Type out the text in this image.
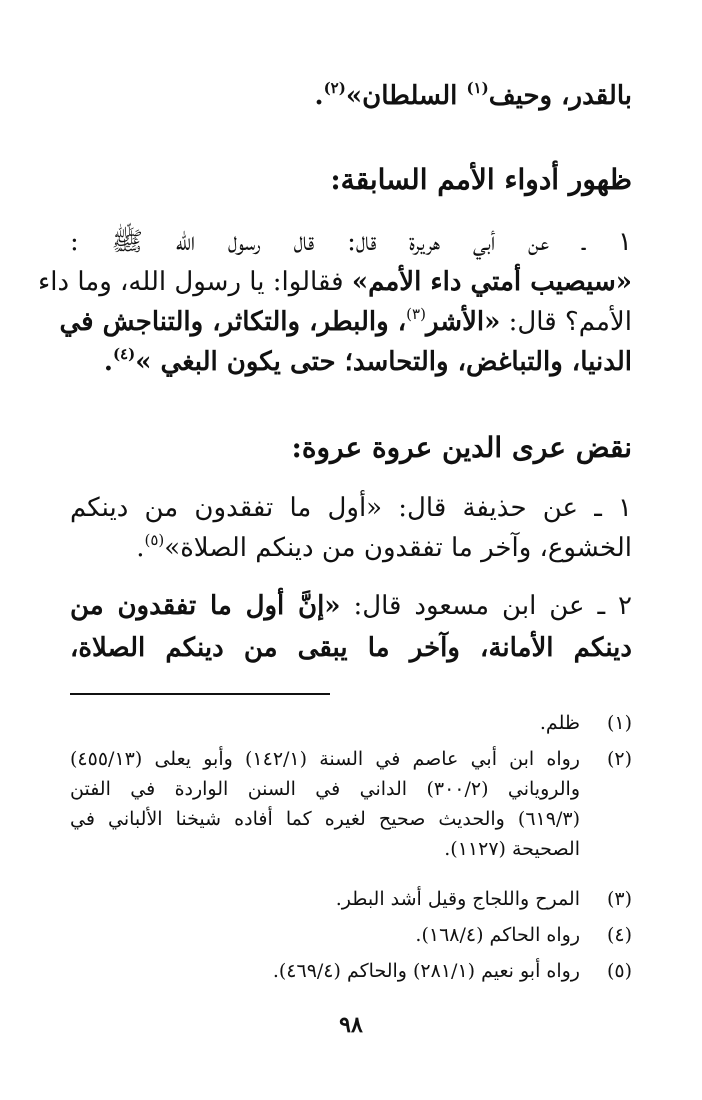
بالقدر، وحيف$^{(١)}$ السلطان»$^{(٢)}$.
ظهور أدواء الأمم السابقة:
١ ـ عن أبي هريرة قال: قال رسول الله ﷺ :
«سيصيب أمتي داء الأمم» فقالوا: يا رسول الله، وما داء
الأمم؟ قال: «الأشر$^{(٣)}$، والبطر، والتكاثر، والتناجش في
الدنيا، والتباغض، والتحاسد؛ حتى يكون البغي »$^{(٤)}$.
نقض عرى الدين عروة عروة:
١ ـ عن حذيفة قال: «أول ما تفقدون من دينكم
الخشوع، وآخر ما تفقدون من دينكم الصلاة»$^{(٥)}$.
٢ ـ عن ابن مسعود قال: «إنَّ أول ما تفقدون من
دينكم الأمانة، وآخر ما يبقى من دينكم الصلاة،
(١)
ظلم.
(٢)
رواه ابن أبي عاصم في السنة (١٤٢/١) وأبو يعلى (٤٥٥/١٣)
والروياني (٣٠٠/٢) الداني في السنن الواردة في الفتن
(٦١٩/٣) والحديث صحيح لغيره كما أفاده شيخنا الألباني في
الصحيحة (١١٢٧).
(٣)
المرح واللجاج وقيل أشد البطر.
(٤)
رواه الحاكم (١٦٨/٤).
(٥)
رواه أبو نعيم (٢٨١/١) والحاكم (٤٦٩/٤).
٩٨
